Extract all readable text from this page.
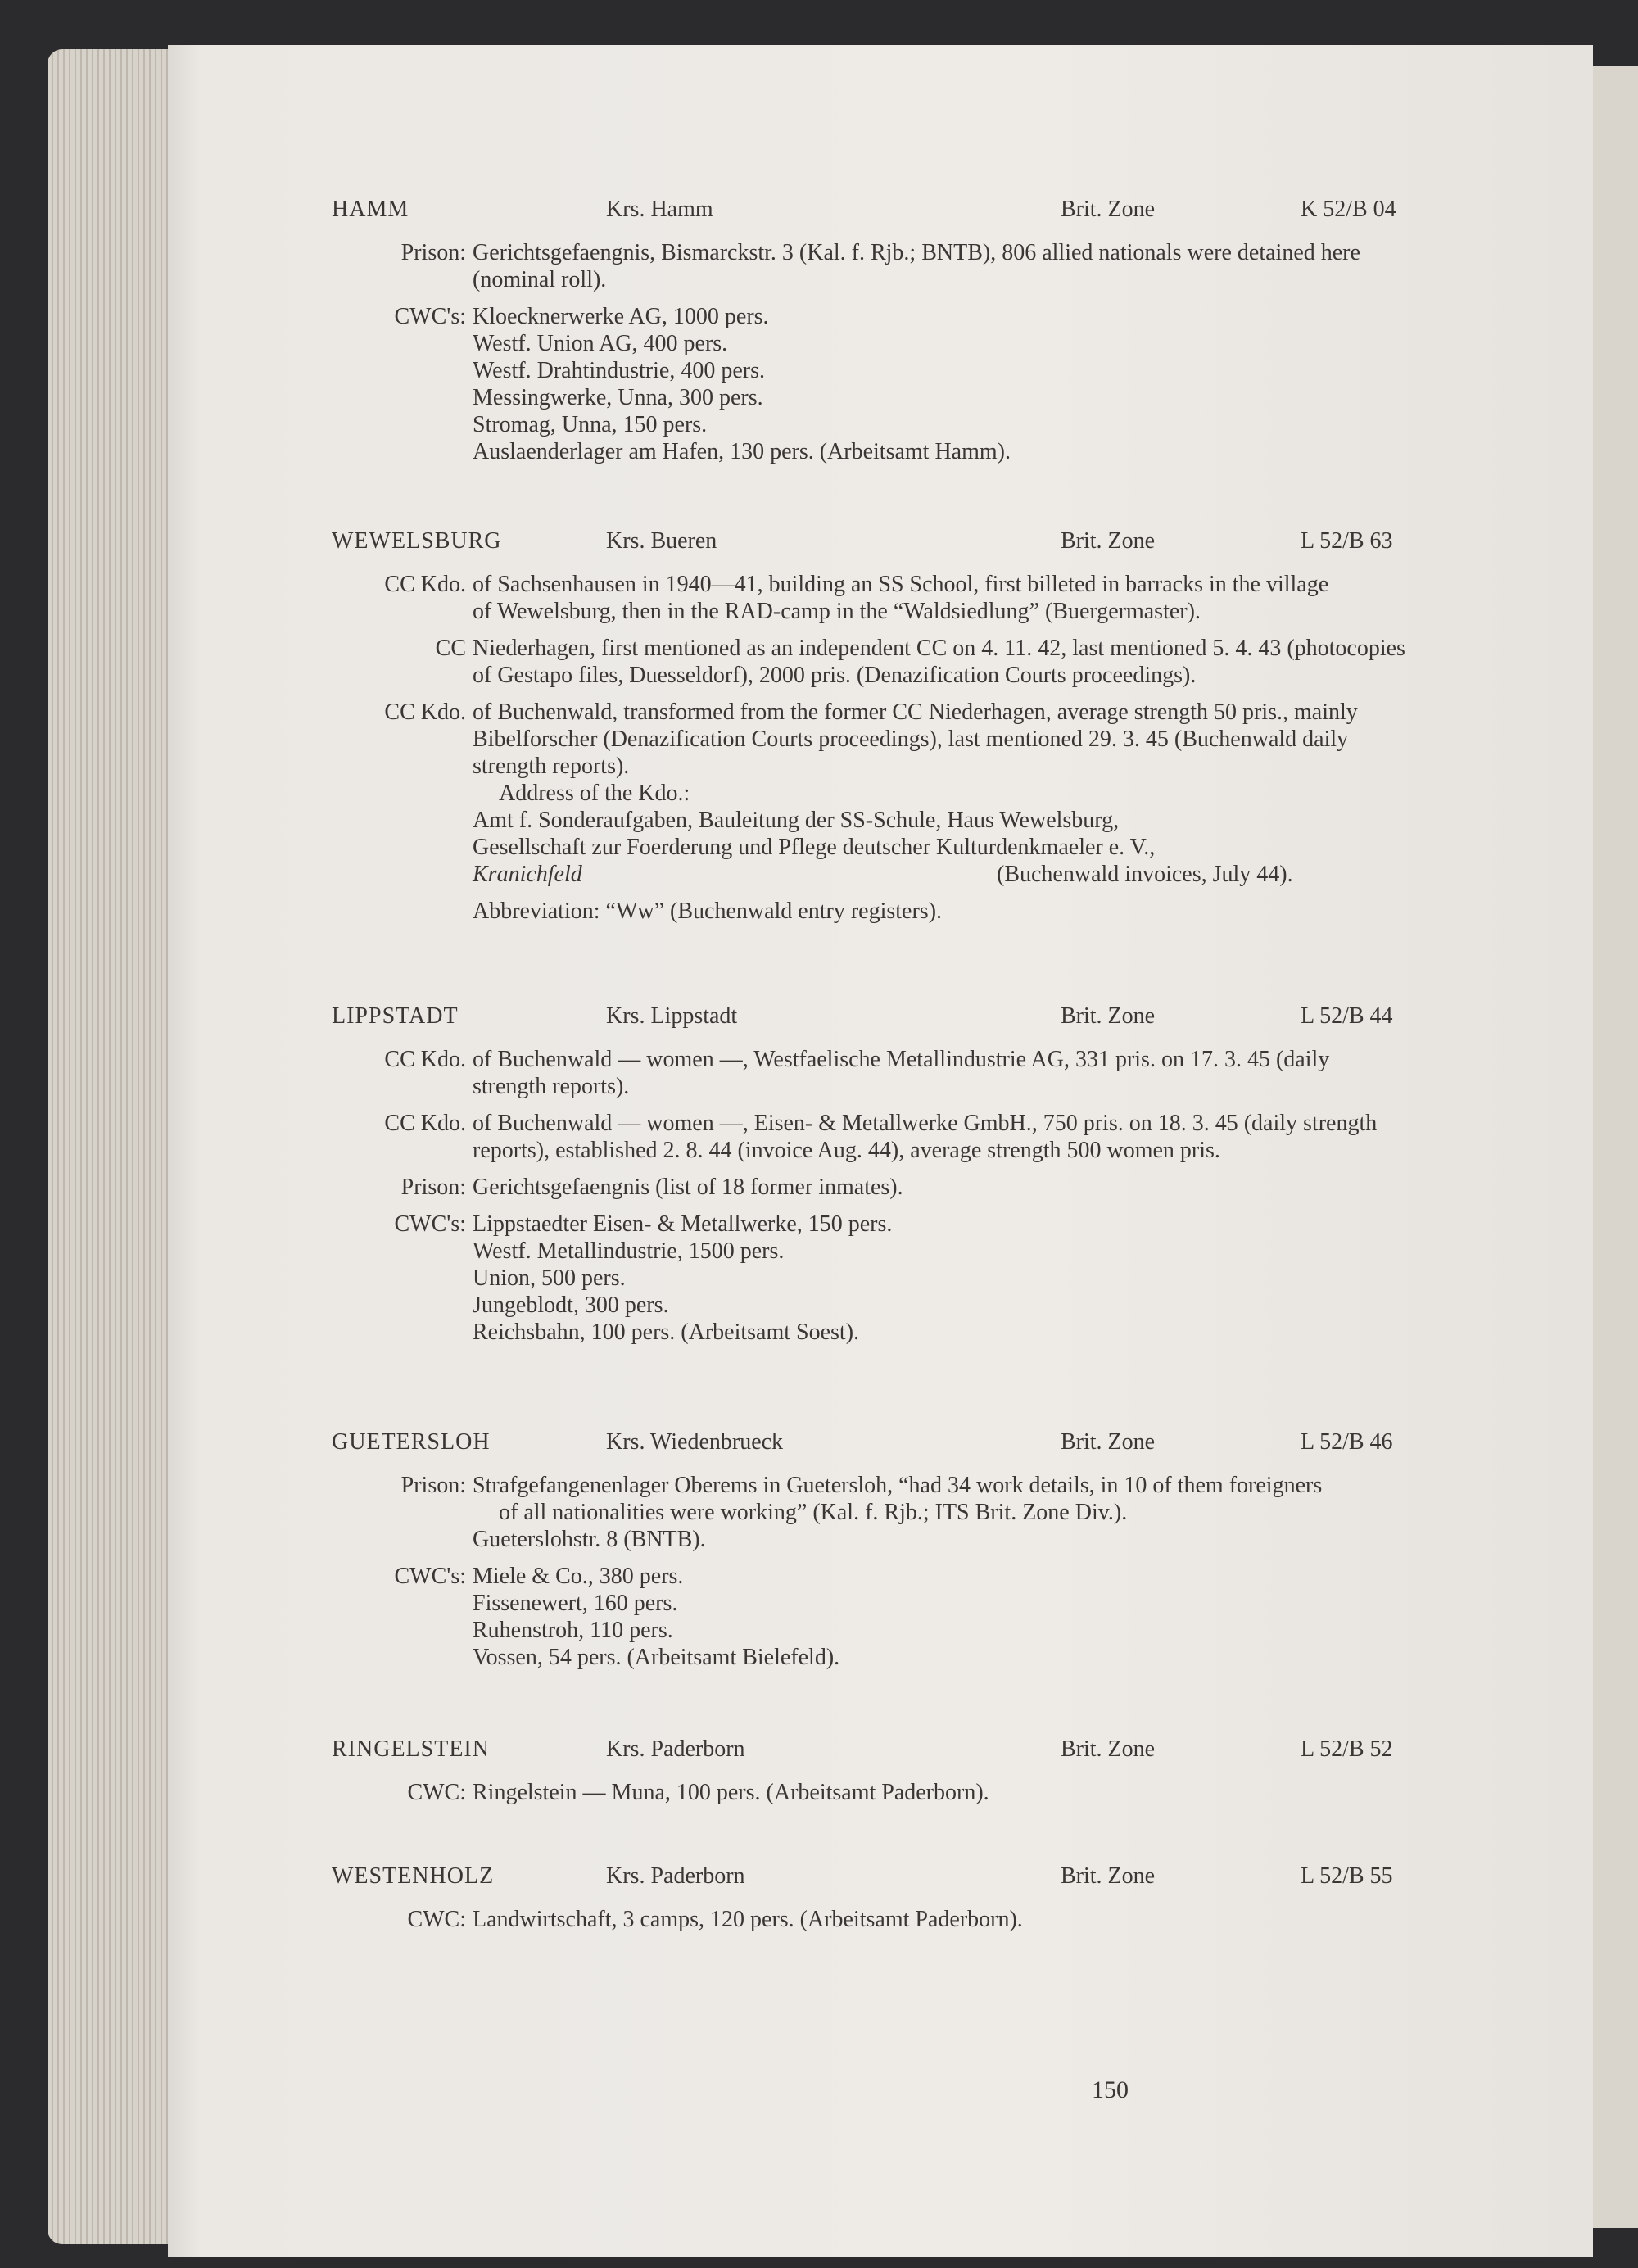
150
HAMM	Krs. Hamm	Brit. Zone	K 52/B 04
Prison: Gerichtsgefaengnis, Bismarckstr. 3 (Kal. f. Rjb.; BNTB), 806 allied nationals were detained here
(nominal roll).
CWC's: Kloecknerwerke AG, 1000 pers.
Westf. Union AG, 400 pers.
Westf. Drahtindustrie, 400 pers.
Messingwerke, Unna, 300 pers.
Stromag, Unna, 150 pers.
Auslaenderlager am Hafen, 130 pers. (Arbeitsamt Hamm).
WEWELSBURG	Krs. Bueren	Brit. Zone	L 52/B 63
CC Kdo. of Sachsenhausen in 1940—41, building an SS School, first billeted in barracks in the village
of Wewelsburg, then in the RAD-camp in the “Waldsiedlung” (Buergermaster).
CC Niederhagen, first mentioned as an independent CC on 4. 11. 42, last mentioned 5. 4. 43 (photocopies
of Gestapo files, Duesseldorf), 2000 pris. (Denazification Courts proceedings).
CC Kdo. of Buchenwald, transformed from the former CC Niederhagen, average strength 50 pris., mainly
Bibelforscher (Denazification Courts proceedings), last mentioned 29. 3. 45 (Buchenwald daily
strength reports).
Address of the Kdo.:
Amt f. Sonderaufgaben, Bauleitung der SS-Schule, Haus Wewelsburg,
Gesellschaft zur Foerderung und Pflege deutscher Kulturdenkmaeler e. V.,
Kranichfeld	(Buchenwald invoices, July 44).
Abbreviation: “Ww” (Buchenwald entry registers).
LIPPSTADT	Krs. Lippstadt	Brit. Zone	L 52/B 44
CC Kdo. of Buchenwald — women —, Westfaelische Metallindustrie AG, 331 pris. on 17. 3. 45 (daily
strength reports).
CC Kdo. of Buchenwald — women —, Eisen- & Metallwerke GmbH., 750 pris. on 18. 3. 45 (daily strength
reports), established 2. 8. 44 (invoice Aug. 44), average strength 500 women pris.
Prison: Gerichtsgefaengnis (list of 18 former inmates).
CWC's: Lippstaedter Eisen- & Metallwerke, 150 pers.
Westf. Metallindustrie, 1500 pers.
Union, 500 pers.
Jungeblodt, 300 pers.
Reichsbahn, 100 pers. (Arbeitsamt Soest).
GUETERSLOH	Krs. Wiedenbrueck	Brit. Zone	L 52/B 46
Prison: Strafgefangenenlager Oberems in Guetersloh, “had 34 work details, in 10 of them foreigners
of all nationalities were working” (Kal. f. Rjb.; ITS Brit. Zone Div.).
Gueterslohstr. 8 (BNTB).
CWC's: Miele & Co., 380 pers.
Fissenewert, 160 pers.
Ruhenstroh, 110 pers.
Vossen, 54 pers. (Arbeitsamt Bielefeld).
RINGELSTEIN	Krs. Paderborn	Brit. Zone	L 52/B 52
CWC: Ringelstein — Muna, 100 pers. (Arbeitsamt Paderborn).
WESTENHOLZ	Krs. Paderborn	Brit. Zone	L 52/B 55
CWC: Landwirtschaft, 3 camps, 120 pers. (Arbeitsamt Paderborn).
